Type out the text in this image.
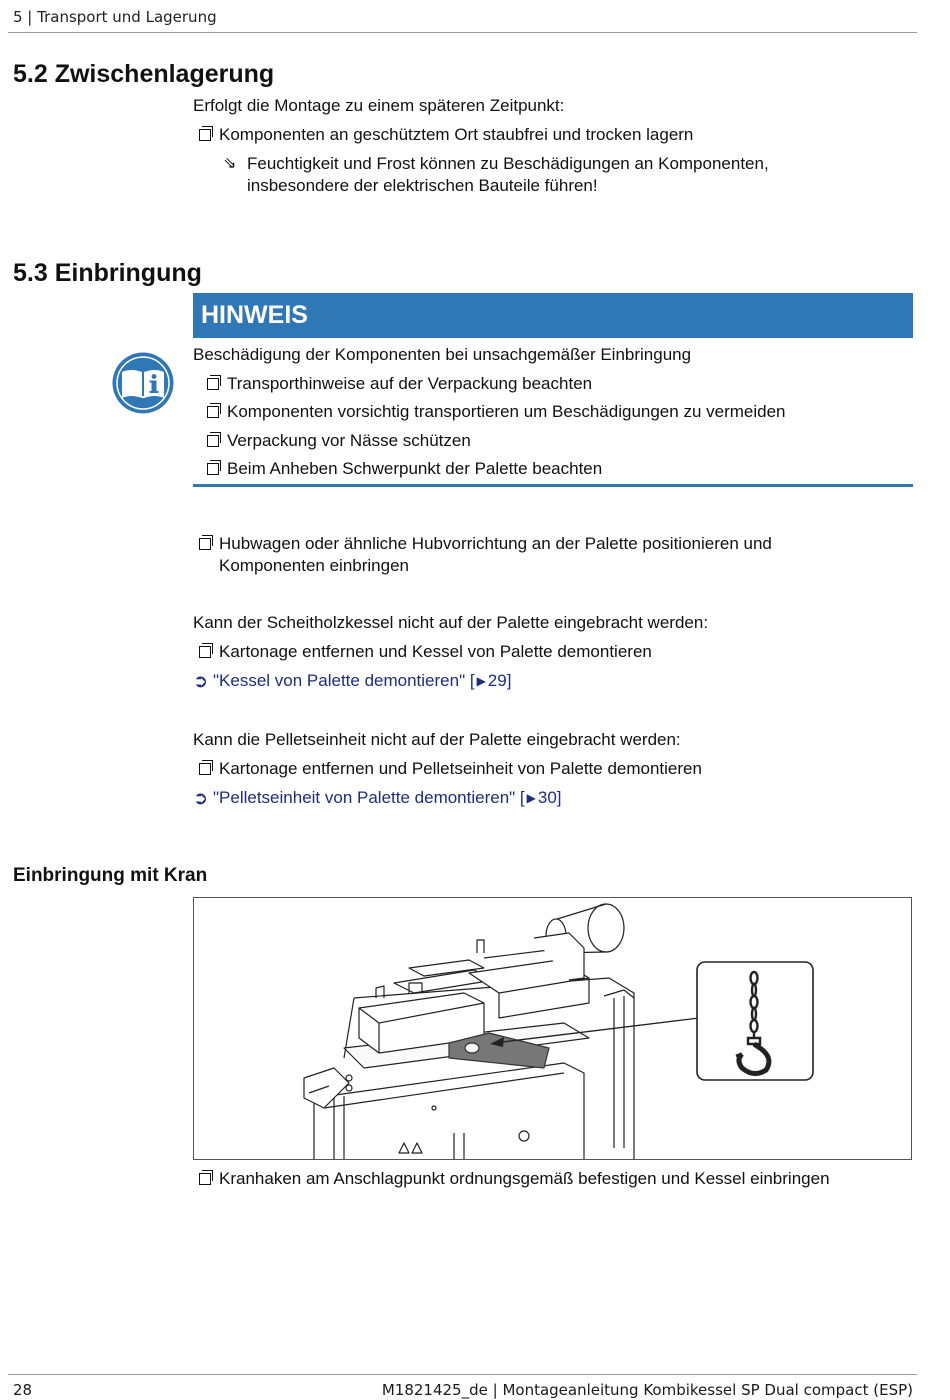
5 | Transport und Lagerung
5.2 Zwischenlagerung
Erfolgt die Montage zu einem späteren Zeitpunkt:
Komponenten an geschütztem Ort staubfrei und trocken lagern
⇘ Feuchtigkeit und Frost können zu Beschädigungen an Komponenten,
insbesondere der elektrischen Bauteile führen!
5.3 Einbringung
HINWEIS
Beschädigung der Komponenten bei unsachgemäßer Einbringung
Transporthinweise auf der Verpackung beachten
Komponenten vorsichtig transportieren um Beschädigungen zu vermeiden
Verpackung vor Nässe schützen
Beim Anheben Schwerpunkt der Palette beachten
Hubwagen oder ähnliche Hubvorrichtung an der Palette positionieren und
Komponenten einbringen
Kann der Scheitholzkessel nicht auf der Palette eingebracht werden:
Kartonage entfernen und Kessel von Palette demontieren
➲ "Kessel von Palette demontieren" [ ▶ 29]
Kann die Pelletseinheit nicht auf der Palette eingebracht werden:
Kartonage entfernen und Pelletseinheit von Palette demontieren
➲ "Pelletseinheit von Palette demontieren" [ ▶ 30]
Einbringung mit Kran
Kranhaken am Anschlagpunkt ordnungsgemäß befestigen und Kessel einbringen
28	M1821425_de | Montageanleitung Kombikessel SP Dual compact (ESP)
